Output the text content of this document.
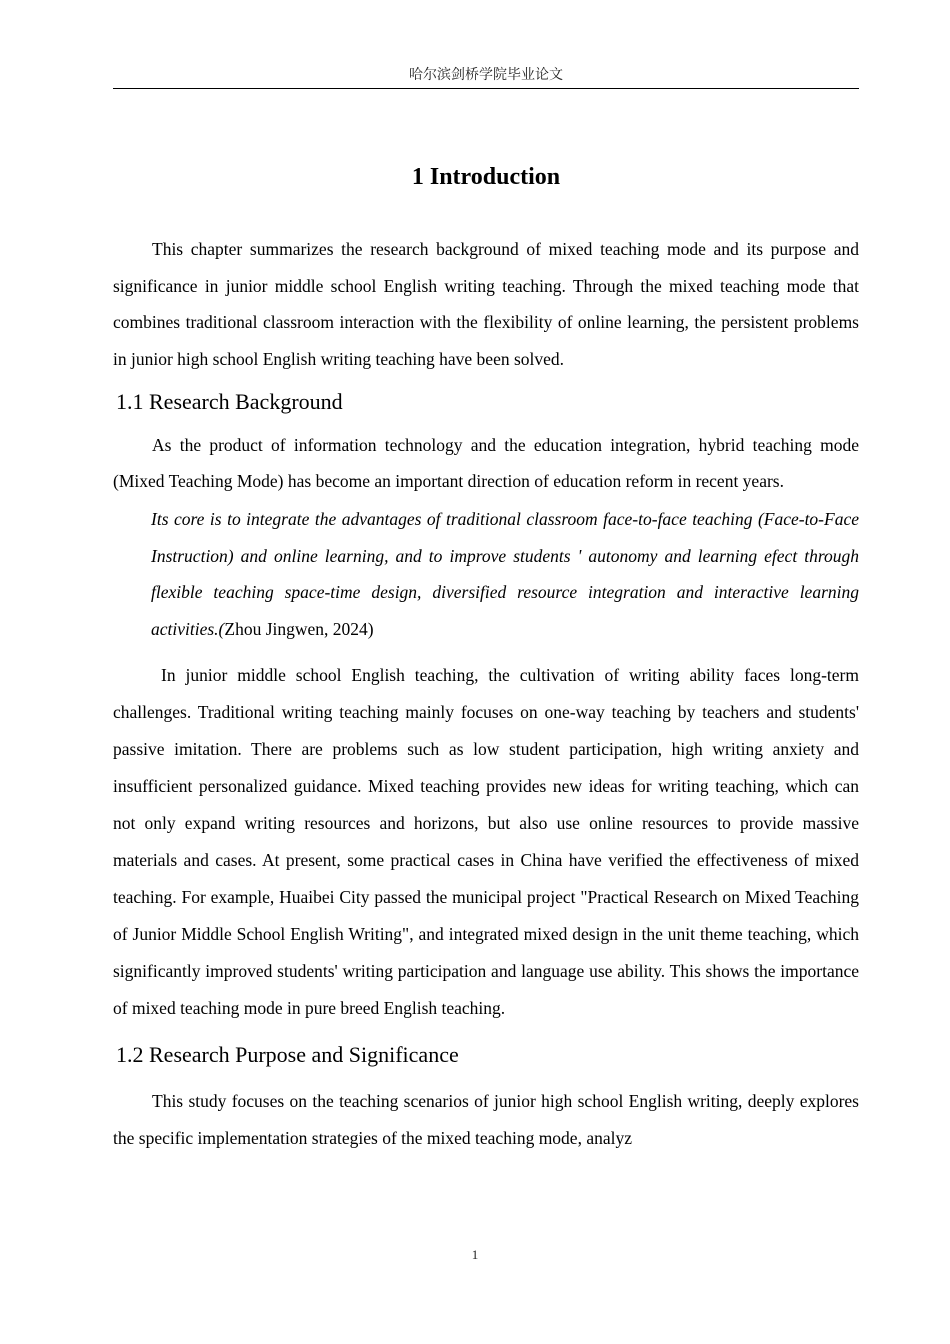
哈尔滨剑桥学院毕业论文
1 Introduction

This chapter summarizes the research background of mixed teaching mode and its purpose and significance in junior middle school English writing teaching. Through the mixed teaching mode that combines traditional classroom interaction with the flexibility of online learning, the persistent problems in junior high school English writing teaching have been solved.

1.1 Research Background

As the product of information technology and the education integration, hybrid teaching mode (Mixed Teaching Mode) has become an important direction of education reform in recent years.

Its core is to integrate the advantages of traditional classroom face-to-face teaching (Face-to-Face Instruction) and online learning, and to improve students ' autonomy and learning efect through flexible teaching space-time design, diversified resource integration and interactive learning activities.(Zhou Jingwen, 2024)

In junior middle school English teaching, the cultivation of writing ability faces long-term challenges. Traditional writing teaching mainly focuses on one-way teaching by teachers and students' passive imitation. There are problems such as low student participation, high writing anxiety and insufficient personalized guidance. Mixed teaching provides new ideas for writing teaching, which can not only expand writing resources and horizons, but also use online resources to provide massive materials and cases. At present, some practical cases in China have verified the effectiveness of mixed teaching. For example, Huaibei City passed the municipal project "Practical Research on Mixed Teaching of Junior Middle School English Writing", and integrated mixed design in the unit theme teaching, which significantly improved students' writing participation and language use ability. This shows the importance of mixed teaching mode in pure breed English teaching.

1.2 Research Purpose and Significance

This study focuses on the teaching scenarios of junior high school English writing, deeply explores the specific implementation strategies of the mixed teaching mode, analyz

1
